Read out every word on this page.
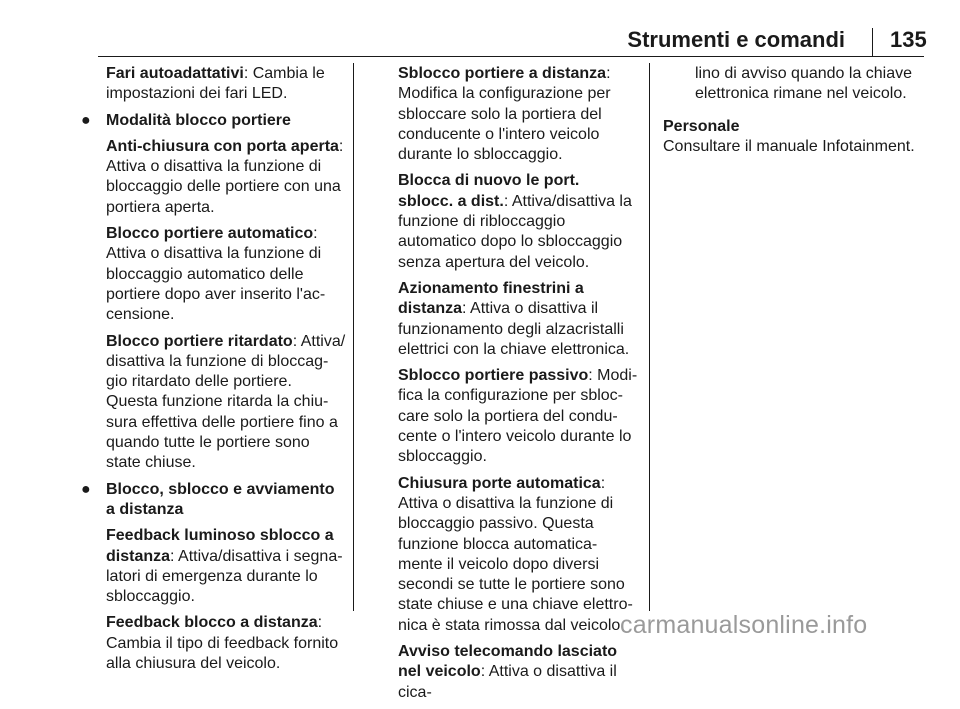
Strumenti e comandi 135

Fari autoadattativi: Cambia le impostazioni dei fari LED.

● Modalità blocco portiere

Anti-chiusura con porta aperta: Attiva o disattiva la funzione di bloccaggio delle portiere con una portiera aperta.

Blocco portiere automatico: Attiva o disattiva la funzione di bloccaggio automatico delle portiere dopo aver inserito l'ac-censione.

Blocco portiere ritardato: Attiva/ disattiva la funzione di bloccag-gio ritardato delle portiere. Questa funzione ritarda la chiu-sura effettiva delle portiere fino a quando tutte le portiere sono state chiuse.

● Blocco, sblocco e avviamento a distanza

Feedback luminoso sblocco a distanza: Attiva/disattiva i segna-latori di emergenza durante lo sbloccaggio.

Feedback blocco a distanza: Cambia il tipo di feedback fornito alla chiusura del veicolo.

Sblocco portiere a distanza: Modifica la configurazione per sbloccare solo la portiera del conducente o l'intero veicolo durante lo sbloccaggio.

Blocca di nuovo le port. sblocc. a dist.: Attiva/disattiva la funzione di ribloccaggio automatico dopo lo sbloccaggio senza apertura del veicolo.

Azionamento finestrini a distanza: Attiva o disattiva il funzionamento degli alzacristalli elettrici con la chiave elettronica.

Sblocco portiere passivo: Modi-fica la configurazione per sbloc-care solo la portiera del condu-cente o l'intero veicolo durante lo sbloccaggio.

Chiusura porte automatica: Attiva o disattiva la funzione di bloccaggio passivo. Questa funzione blocca automatica-mente il veicolo dopo diversi secondi se tutte le portiere sono state chiuse e una chiave elettro-nica è stata rimossa dal veicolo.

Avviso telecomando lasciato nel veicolo: Attiva o disattiva il cica-

lino di avviso quando la chiave elettronica rimane nel veicolo.

Personale

Consultare il manuale Infotainment.

carmanualsonline.info
